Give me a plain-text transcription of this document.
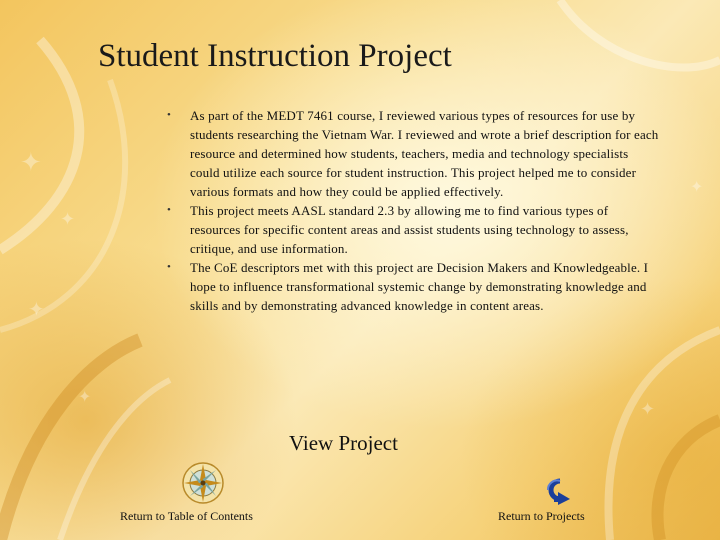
✦
✦
✦
✦
✦
✦
Student Instruction Project
• As part of the MEDT 7461 course, I reviewed various types of resources for use by students researching the Vietnam War. I reviewed and wrote a brief description for each resource and determined how students, teachers, media and technology specialists could utilize each source for student instruction. This project helped me to consider various formats and how they could be applied effectively.
• This project meets AASL standard 2.3 by allowing me to find various types of resources for specific content areas and assist students using technology to assess, critique, and use information.
• The CoE descriptors met with this project are Decision Makers and Knowledgeable. I hope to influence transformational systemic change by demonstrating knowledge and skills and by demonstrating advanced knowledge in content areas.
View Project
Return to Table of Contents	Return to Projects
